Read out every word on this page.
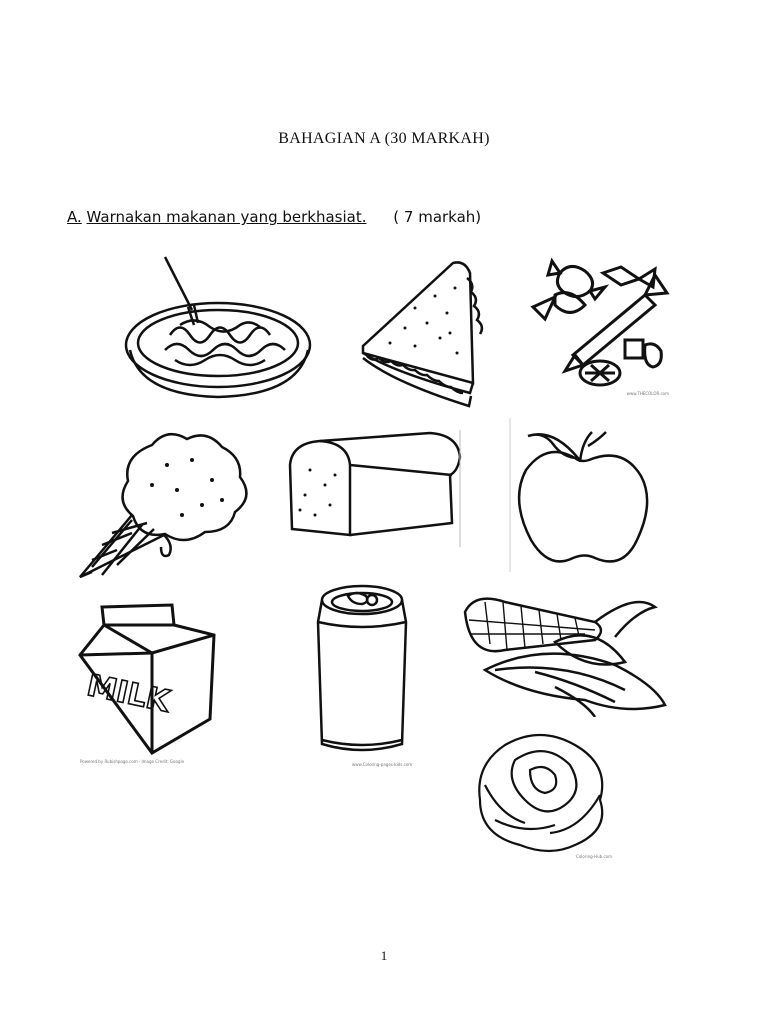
BAHAGIAN A (30 MARKAH)
A. Warnakan makanan yang berkhasiat. ( 7 markah)
www.THECOLOR.com
MILK
Powered by Rubishpage.com · Image Credit: Google
www.Coloring-pages-kids.com
Coloring-Hub.com
1
